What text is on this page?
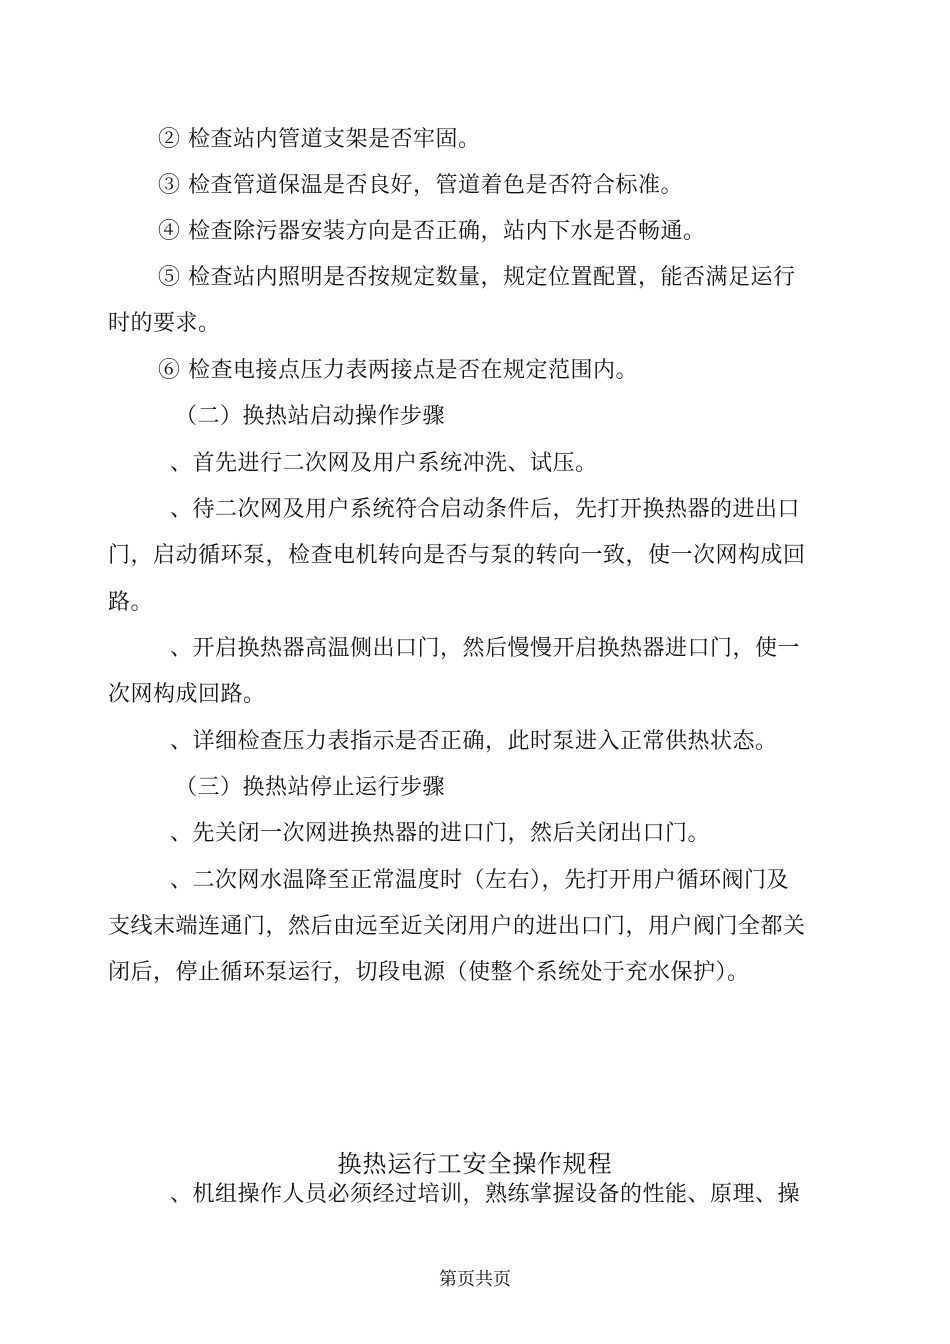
② 检查站内管道支架是否牢固。
③ 检查管道保温是否良好，管道着色是否符合标准。
④ 检查除污器安装方向是否正确，站内下水是否畅通。
⑤ 检查站内照明是否按规定数量，规定位置配置，能否满足运行
时的要求。
⑥ 检查电接点压力表两接点是否在规定范围内。
（二）换热站启动操作步骤
、首先进行二次网及用户系统冲洗、试压。
、待二次网及用户系统符合启动条件后，先打开换热器的进出口
门，启动循环泵，检查电机转向是否与泵的转向一致，使一次网构成回
路。
、开启换热器高温侧出口门，然后慢慢开启换热器进口门，使一
次网构成回路。
、详细检查压力表指示是否正确，此时泵进入正常供热状态。
（三）换热站停止运行步骤
、先关闭一次网进换热器的进口门，然后关闭出口门。
、二次网水温降至正常温度时（左右），先打开用户循环阀门及
支线末端连通门，然后由远至近关闭用户的进出口门，用户阀门全都关
闭后，停止循环泵运行，切段电源（使整个系统处于充水保护）。
换热运行工安全操作规程
、机组操作人员必须经过培训，熟练掌握设备的性能、原理、操
第页共页
